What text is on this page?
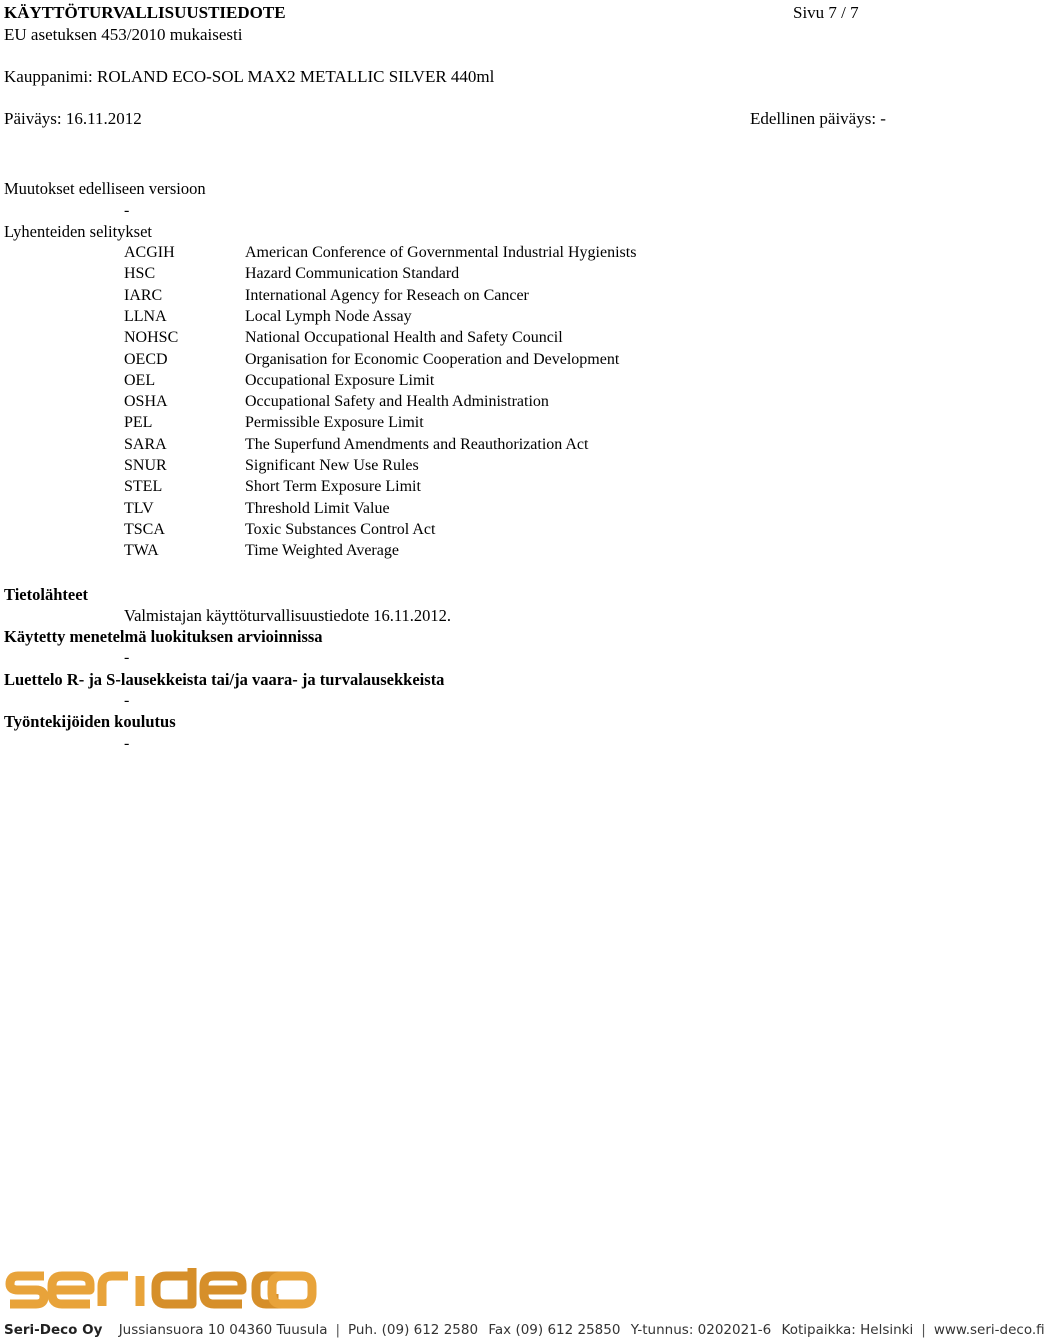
KÄYTTÖTURVALLISUUSTIEDOTE	Sivu 7 / 7
EU asetuksen 453/2010 mukaisesti
Kauppanimi: ROLAND ECO-SOL MAX2 METALLIC SILVER 440ml
Päiväys: 16.11.2012	Edellinen päiväys: -
Muutokset edelliseen versioon
-
Lyhenteiden selitykset
ACGIH	American Conference of Governmental Industrial Hygienists
HSC	Hazard Communication Standard
IARC	International Agency for Reseach on Cancer
LLNA	Local Lymph Node Assay
NOHSC	National Occupational Health and Safety Council
OECD	Organisation for Economic Cooperation and Development
OEL	Occupational Exposure Limit
OSHA	Occupational Safety and Health Administration
PEL	Permissible Exposure Limit
SARA	The Superfund Amendments and Reauthorization Act
SNUR	Significant New Use Rules
STEL	Short Term Exposure Limit
TLV	Threshold Limit Value
TSCA	Toxic Substances Control Act
TWA	Time Weighted Average
Tietolähteet
Valmistajan käyttöturvallisuustiedote 16.11.2012.
Käytetty menetelmä luokituksen arvioinnissa
-
Luettelo R- ja S-lausekkeista tai/ja vaara- ja turvalausekkeista
-
Työntekijöiden koulutus
-
Seri-Deco Oy Jussiansuora 10 04360 Tuusula | Puh. (09) 612 2580 Fax (09) 612 25850 Y-tunnus: 0202021-6 Kotipaikka: Helsinki | www.seri-deco.fi
